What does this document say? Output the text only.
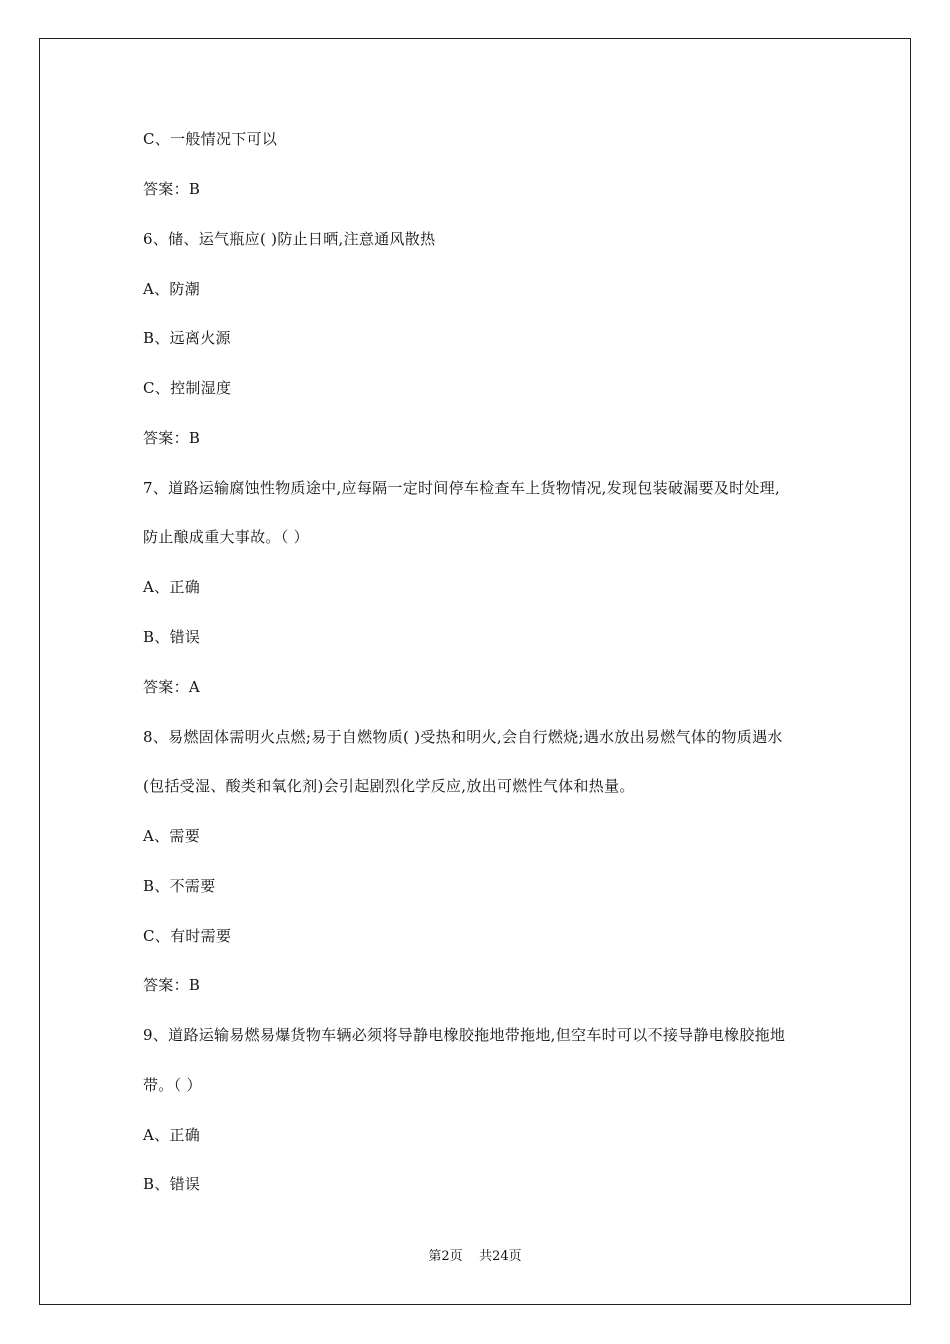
C、一般情况下可以
答案：B
6、储、运气瓶应( )防止日晒,注意通风散热
A、防潮
B、远离火源
C、控制湿度
答案：B
7、道路运输腐蚀性物质途中,应每隔一定时间停车检查车上货物情况,发现包装破漏要及时处理,
防止酿成重大事故。（ ）
A、正确
B、错误
答案：A
8、易燃固体需明火点燃;易于自燃物质( )受热和明火,会自行燃烧;遇水放出易燃气体的物质遇水
(包括受湿、酸类和氧化剂)会引起剧烈化学反应,放出可燃性气体和热量。
A、需要
B、不需要
C、有时需要
答案：B
9、道路运输易燃易爆货物车辆必须将导静电橡胶拖地带拖地,但空车时可以不接导静电橡胶拖地
带。（ ）
A、正确
B、错误
第2页    共24页
